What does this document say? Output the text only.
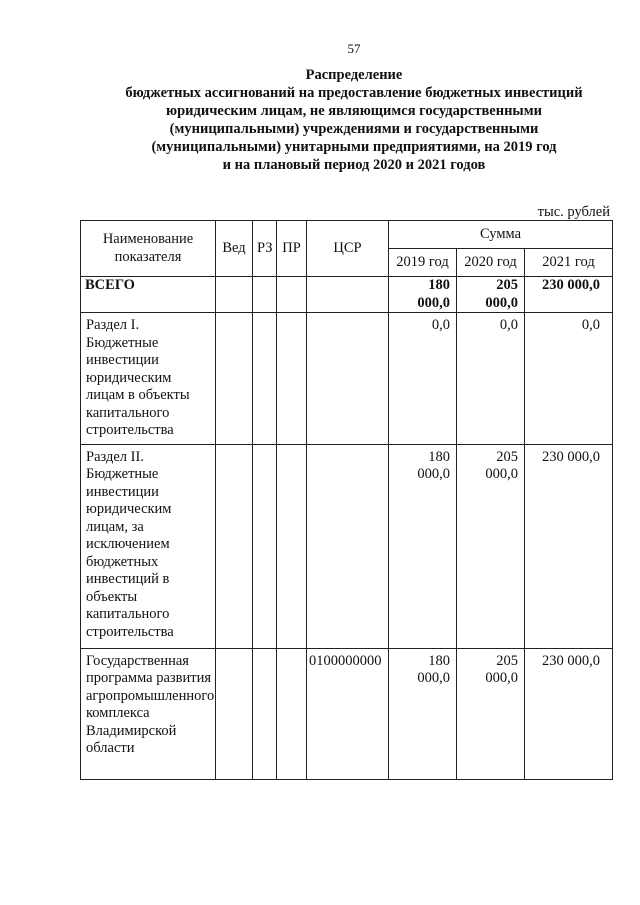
57
Распределение
бюджетных ассигнований на предоставление бюджетных инвестиций
юридическим лицам, не являющимся государственными
(муниципальными) учреждениями и государственными
(муниципальными) унитарными предприятиями, на 2019 год
и на плановый период 2020 и 2021 годов
тыс. рублей
Наименование показателя	Вед	РЗ	ПР	ЦСР	Сумма		
					2019 год	2020 год	2021 год
ВСЕГО					180 000,0	205 000,0	230 000,0
Раздел I. Бюджетные инвестиции юридическим лицам в объекты капитального строительства					0,0	0,0	0,0
Раздел II. Бюджетные инвестиции юридическим лицам, за исключением бюджетных инвестиций в объекты капитального строительства					180 000,0	205 000,0	230 000,0
Государственная программа развития агропромышленного комплекса Владимирской области				0100000000	180 000,0	205 000,0	230 000,0
